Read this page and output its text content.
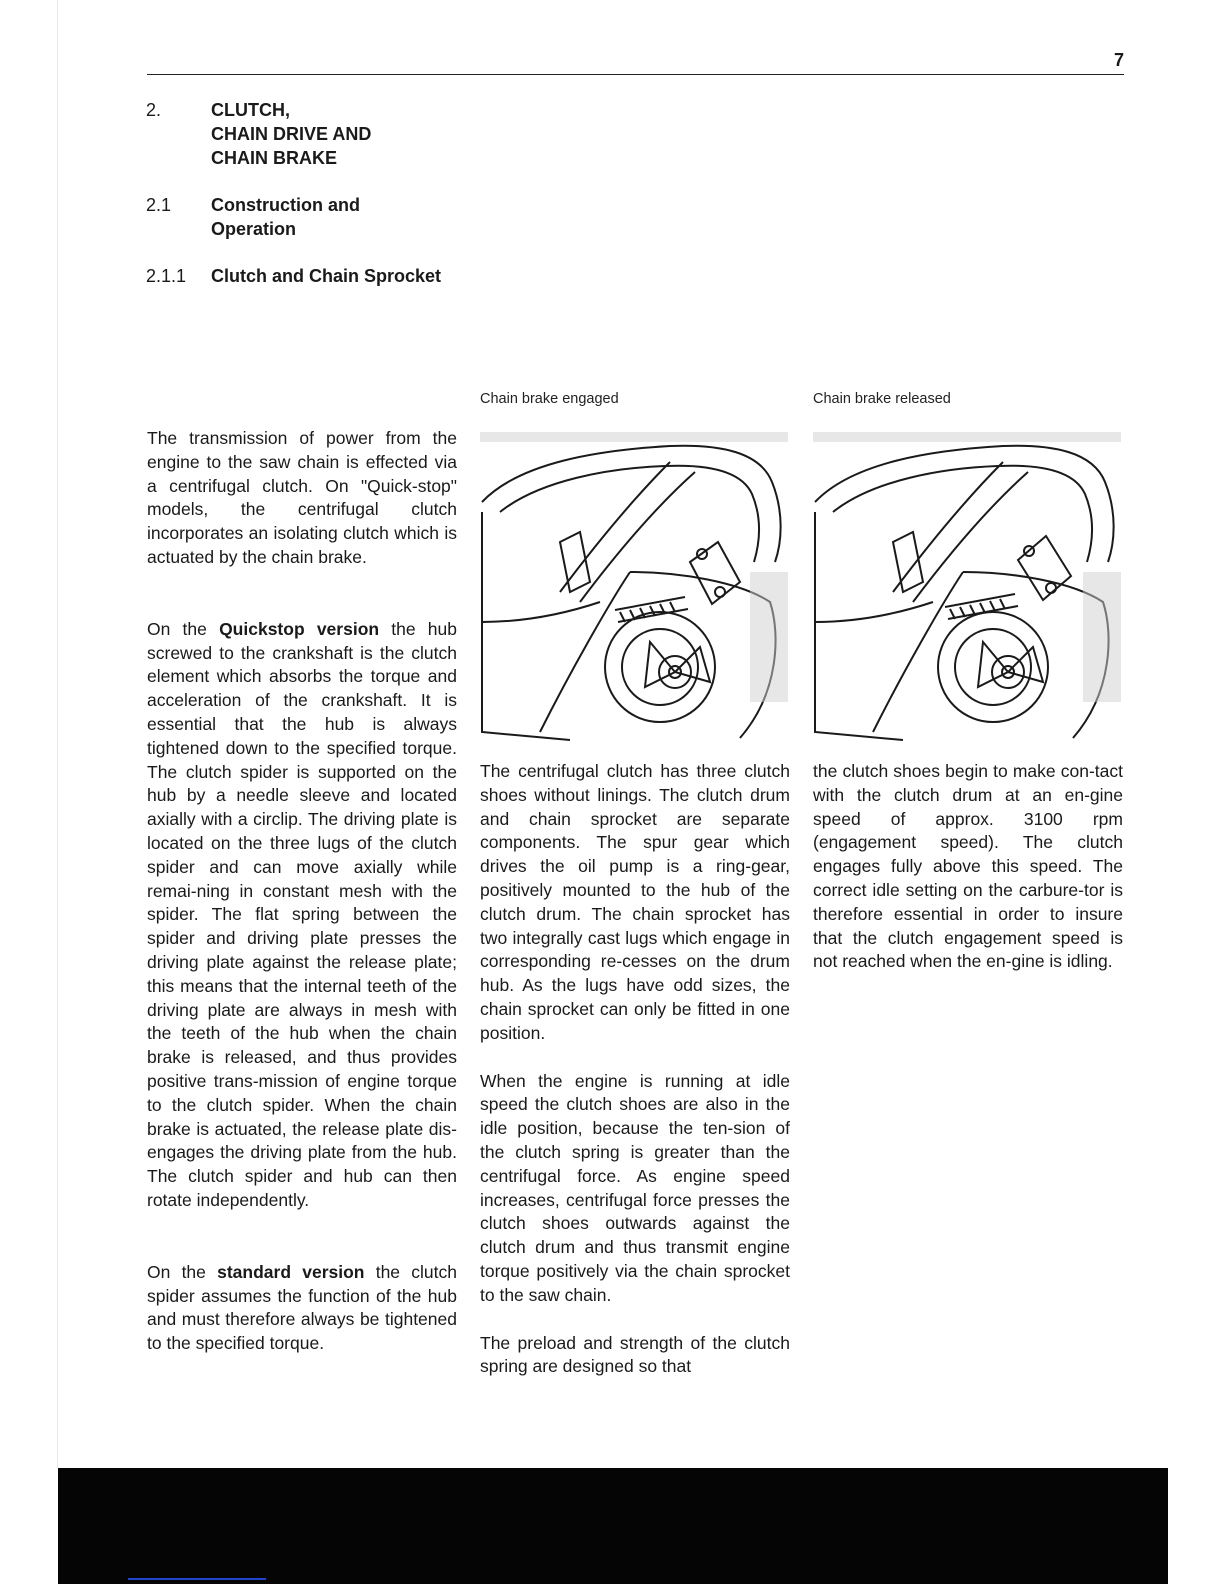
7
2.	CLUTCH,
CHAIN DRIVE AND
CHAIN BRAKE
2.1	Construction and
Operation
2.1.1	Clutch and Chain Sprocket
Chain brake engaged	Chain brake released

The transmission of power from the engine to the saw chain is effected via a centrifugal clutch. On "Quick-stop" models, the centrifugal clutch incorporates an isolating clutch which is actuated by the chain brake.

On the Quickstop version the hub screwed to the crankshaft is the clutch element which absorbs the torque and acceleration of the crankshaft. It is essential that the hub is always tightened down to the specified torque. The clutch spider is supported on the hub by a needle sleeve and located axially with a circlip. The driving plate is located on the three lugs of the clutch spider and can move axially while remai-ning in constant mesh with the spider. The flat spring between the spider and driving plate presses the driving plate against the release plate; this means that the internal teeth of the driving plate are always in mesh with the teeth of the hub when the chain brake is released, and thus provides positive trans-mission of engine torque to the clutch spider. When the chain brake is actuated, the release plate dis-engages the driving plate from the hub. The clutch spider and hub can then rotate independently.

On the standard version the clutch spider assumes the function of the hub and must therefore always be tightened to the specified torque.

The centrifugal clutch has three clutch shoes without linings. The clutch drum and chain sprocket are separate components. The spur gear which drives the oil pump is a ring-gear, positively mounted to the hub of the clutch drum. The chain sprocket has two integrally cast lugs which engage in corresponding re-cesses on the drum hub. As the lugs have odd sizes, the chain sprocket can only be fitted in one position.

When the engine is running at idle speed the clutch shoes are also in the idle position, because the ten-sion of the clutch spring is greater than the centrifugal force. As engine speed increases, centrifugal force presses the clutch shoes outwards against the clutch drum and thus transmit engine torque positively via the chain sprocket to the saw chain.

The preload and strength of the clutch spring are designed so that

the clutch shoes begin to make con-tact with the clutch drum at an en-gine speed of approx. 3100 rpm (engagement speed). The clutch engages fully above this speed. The correct idle setting on the carbure-tor is therefore essential in order to insure that the clutch engagement speed is not reached when the en-gine is idling.
